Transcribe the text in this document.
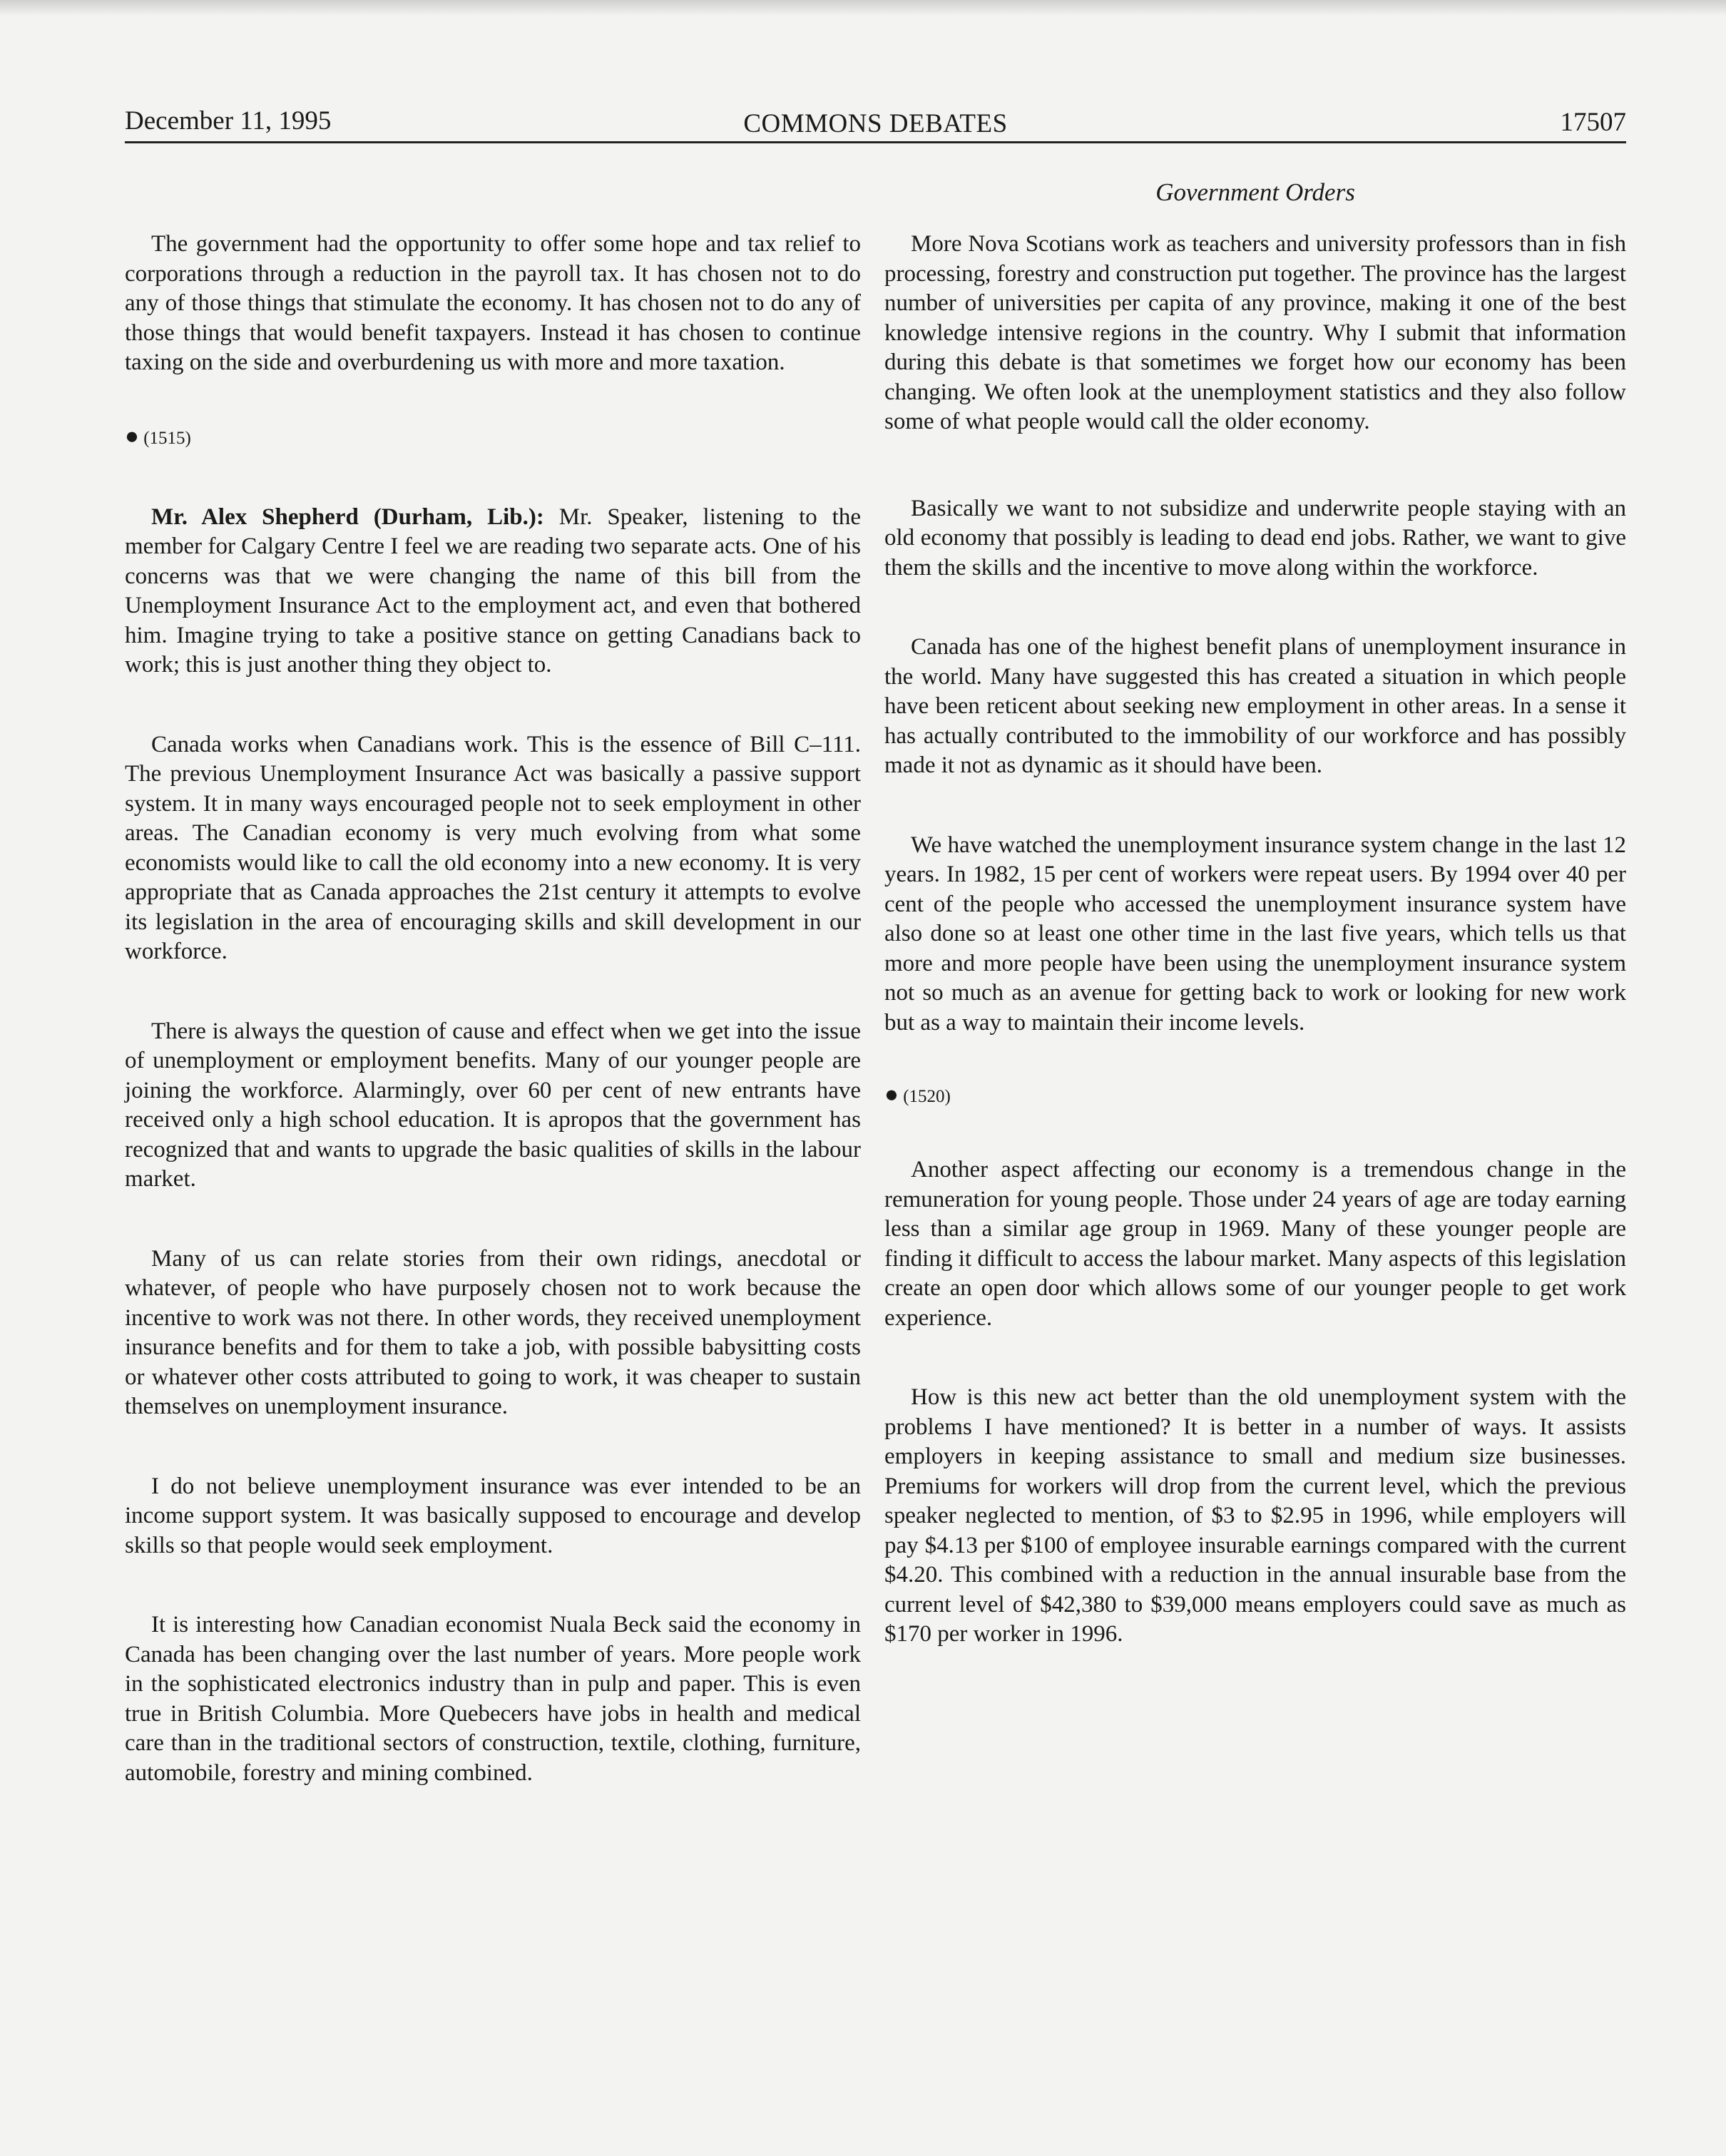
December 11, 1995	COMMONS DEBATES	17507
Government Orders

The government had the opportunity to offer some hope and tax relief to corporations through a reduction in the payroll tax. It has chosen not to do any of those things that stimulate the economy. It has chosen not to do any of those things that would benefit taxpayers. Instead it has chosen to continue taxing on the side and overburdening us with more and more taxation.

● (1515)

Mr. Alex Shepherd (Durham, Lib.): Mr. Speaker, listening to the member for Calgary Centre I feel we are reading two separate acts. One of his concerns was that we were changing the name of this bill from the Unemployment Insurance Act to the employment act, and even that bothered him. Imagine trying to take a positive stance on getting Canadians back to work; this is just another thing they object to.

Canada works when Canadians work. This is the essence of Bill C–111. The previous Unemployment Insurance Act was basically a passive support system. It in many ways encouraged people not to seek employment in other areas. The Canadian economy is very much evolving from what some economists would like to call the old economy into a new economy. It is very appropriate that as Canada approaches the 21st century it attempts to evolve its legislation in the area of encouraging skills and skill development in our workforce.

There is always the question of cause and effect when we get into the issue of unemployment or employment benefits. Many of our younger people are joining the workforce. Alarmingly, over 60 per cent of new entrants have received only a high school education. It is apropos that the government has recognized that and wants to upgrade the basic qualities of skills in the labour market.

Many of us can relate stories from their own ridings, anecdotal or whatever, of people who have purposely chosen not to work because the incentive to work was not there. In other words, they received unemployment insurance benefits and for them to take a job, with possible babysitting costs or whatever other costs attributed to going to work, it was cheaper to sustain themselves on unemployment insurance.

I do not believe unemployment insurance was ever intended to be an income support system. It was basically supposed to encourage and develop skills so that people would seek employment.

It is interesting how Canadian economist Nuala Beck said the economy in Canada has been changing over the last number of years. More people work in the sophisticated electronics industry than in pulp and paper. This is even true in British Columbia. More Quebecers have jobs in health and medical care than in the traditional sectors of construction, textile, clothing, furniture, automobile, forestry and mining combined.

More Nova Scotians work as teachers and university professors than in fish processing, forestry and construction put together. The province has the largest number of universities per capita of any province, making it one of the best knowledge intensive regions in the country. Why I submit that information during this debate is that sometimes we forget how our economy has been changing. We often look at the unemployment statistics and they also follow some of what people would call the older economy.

Basically we want to not subsidize and underwrite people staying with an old economy that possibly is leading to dead end jobs. Rather, we want to give them the skills and the incentive to move along within the workforce.

Canada has one of the highest benefit plans of unemployment insurance in the world. Many have suggested this has created a situation in which people have been reticent about seeking new employment in other areas. In a sense it has actually contributed to the immobility of our workforce and has possibly made it not as dynamic as it should have been.

We have watched the unemployment insurance system change in the last 12 years. In 1982, 15 per cent of workers were repeat users. By 1994 over 40 per cent of the people who accessed the unemployment insurance system have also done so at least one other time in the last five years, which tells us that more and more people have been using the unemployment insurance system not so much as an avenue for getting back to work or looking for new work but as a way to maintain their income levels.

● (1520)

Another aspect affecting our economy is a tremendous change in the remuneration for young people. Those under 24 years of age are today earning less than a similar age group in 1969. Many of these younger people are finding it difficult to access the labour market. Many aspects of this legislation create an open door which allows some of our younger people to get work experience.

How is this new act better than the old unemployment system with the problems I have mentioned? It is better in a number of ways. It assists employers in keeping assistance to small and medium size businesses. Premiums for workers will drop from the current level, which the previous speaker neglected to mention, of $3 to $2.95 in 1996, while employers will pay $4.13 per $100 of employee insurable earnings compared with the current $4.20. This combined with a reduction in the annual insurable base from the current level of $42,380 to $39,000 means employers could save as much as $170 per worker in 1996.
